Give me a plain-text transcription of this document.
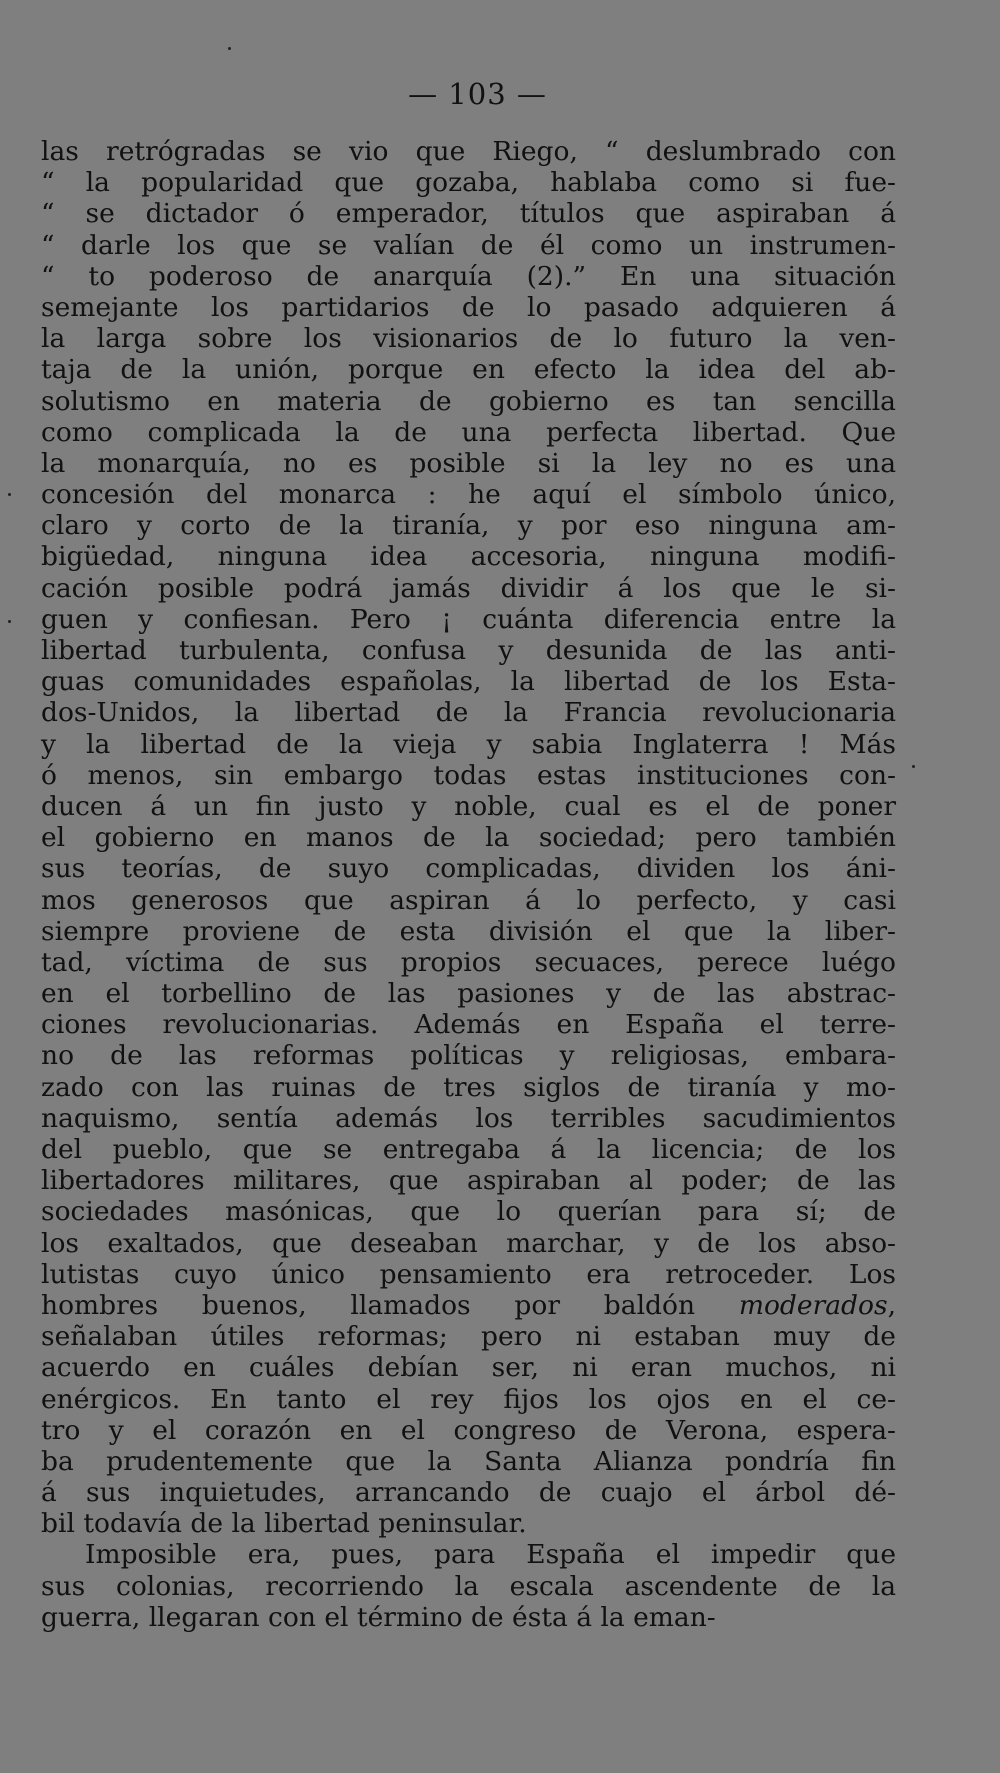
— 103 —
las retrógradas se vio que Riego, “ deslumbrado con
“ la popularidad que gozaba, hablaba como si fue-
“ se dictador ó emperador, títulos que aspiraban á
“ darle los que se valían de él como un instrumen-
“ to poderoso de anarquía (2).” En una situación
semejante los partidarios de lo pasado adquieren á
la larga sobre los visionarios de lo futuro la ven-
taja de la unión, porque en efecto la idea del ab-
solutismo en materia de gobierno es tan sencilla
como complicada la de una perfecta libertad. Que
la monarquía, no es posible si la ley no es una
concesión del monarca : he aquí el símbolo único,
claro y corto de la tiranía, y por eso ninguna am-
bigüedad, ninguna idea accesoria, ninguna modifi-
cación posible podrá jamás dividir á los que le si-
guen y confiesan. Pero ¡ cuánta diferencia entre la
libertad turbulenta, confusa y desunida de las anti-
guas comunidades españolas, la libertad de los Esta-
dos-Unidos, la libertad de la Francia revolucionaria
y la libertad de la vieja y sabia Inglaterra ! Más
ó menos, sin embargo todas estas instituciones con-
ducen á un fin justo y noble, cual es el de poner
el gobierno en manos de la sociedad; pero también
sus teorías, de suyo complicadas, dividen los áni-
mos generosos que aspiran á lo perfecto, y casi
siempre proviene de esta división el que la liber-
tad, víctima de sus propios secuaces, perece luégo
en el torbellino de las pasiones y de las abstrac-
ciones revolucionarias. Además en España el terre-
no de las reformas políticas y religiosas, embara-
zado con las ruinas de tres siglos de tiranía y mo-
naquismo, sentía además los terribles sacudimientos
del pueblo, que se entregaba á la licencia; de los
libertadores militares, que aspiraban al poder; de las
sociedades masónicas, que lo querían para sí; de
los exaltados, que deseaban marchar, y de los abso-
lutistas cuyo único pensamiento era retroceder. Los
hombres buenos, llamados por baldón moderados,
señalaban útiles reformas; pero ni estaban muy de
acuerdo en cuáles debían ser, ni eran muchos, ni
enérgicos. En tanto el rey fijos los ojos en el ce-
tro y el corazón en el congreso de Verona, espera-
ba prudentemente que la Santa Alianza pondría fin
á sus inquietudes, arrancando de cuajo el árbol dé-
bil todavía de la libertad peninsular.
Imposible era, pues, para España el impedir que
sus colonias, recorriendo la escala ascendente de la
guerra, llegaran con el término de ésta á la eman-
